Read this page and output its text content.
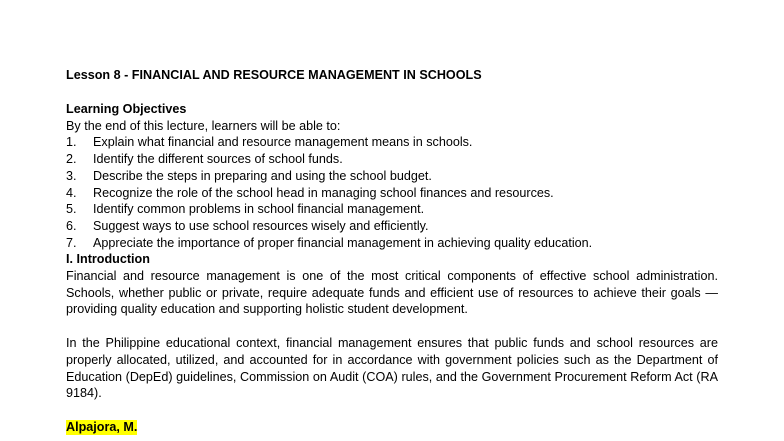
Lesson 8 - FINANCIAL AND RESOURCE MANAGEMENT IN SCHOOLS

Learning Objectives

By the end of this lecture, learners will be able to:

1.	Explain what financial and resource management means in schools.
2.	Identify the different sources of school funds.
3.	Describe the steps in preparing and using the school budget.
4.	Recognize the role of the school head in managing school finances and resources.
5.	Identify common problems in school financial management.
6.	Suggest ways to use school resources wisely and efficiently.
7.	Appreciate the importance of proper financial management in achieving quality education.

I. Introduction

Financial and resource management is one of the most critical components of effective school administration. Schools, whether public or private, require adequate funds and efficient use of resources to achieve their goals — providing quality education and supporting holistic student development.

In the Philippine educational context, financial management ensures that public funds and school resources are properly allocated, utilized, and accounted for in accordance with government policies such as the Department of Education (DepEd) guidelines, Commission on Audit (COA) rules, and the Government Procurement Reform Act (RA 9184).

Alpajora, M.
